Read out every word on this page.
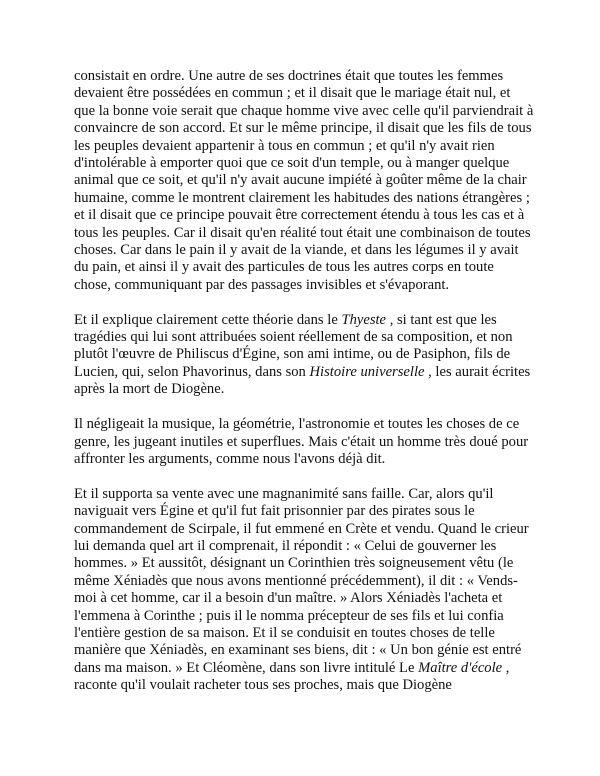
consistait en ordre. Une autre de ses doctrines était que toutes les femmes devaient être possédées en commun ; et il disait que le mariage était nul, et que la bonne voie serait que chaque homme vive avec celle qu'il parviendrait à convaincre de son accord. Et sur le même principe, il disait que les fils de tous les peuples devaient appartenir à tous en commun ; et qu'il n'y avait rien d'intolérable à emporter quoi que ce soit d'un temple, ou à manger quelque animal que ce soit, et qu'il n'y avait aucune impiété à goûter même de la chair humaine, comme le montrent clairement les habitudes des nations étrangères ; et il disait que ce principe pouvait être correctement étendu à tous les cas et à tous les peuples. Car il disait qu'en réalité tout était une combinaison de toutes choses. Car dans le pain il y avait de la viande, et dans les légumes il y avait du pain, et ainsi il y avait des particules de tous les autres corps en toute chose, communiquant par des passages invisibles et s'évaporant.

Et il explique clairement cette théorie dans le Thyeste , si tant est que les tragédies qui lui sont attribuées soient réellement de sa composition, et non plutôt l'œuvre de Philiscus d'Égine, son ami intime, ou de Pasiphon, fils de Lucien, qui, selon Phavorinus, dans son Histoire universelle , les aurait écrites après la mort de Diogène.

Il négligeait la musique, la géométrie, l'astronomie et toutes les choses de ce genre, les jugeant inutiles et superflues. Mais c'était un homme très doué pour affronter les arguments, comme nous l'avons déjà dit.

Et il supporta sa vente avec une magnanimité sans faille. Car, alors qu'il naviguait vers Égine et qu'il fut fait prisonnier par des pirates sous le commandement de Scirpale, il fut emmené en Crète et vendu. Quand le crieur lui demanda quel art il comprenait, il répondit : « Celui de gouverner les hommes. » Et aussitôt, désignant un Corinthien très soigneusement vêtu (le même Xéniadès que nous avons mentionné précédemment), il dit : « Vends-moi à cet homme, car il a besoin d'un maître. » Alors Xéniadès l'acheta et l'emmena à Corinthe ; puis il le nomma précepteur de ses fils et lui confia l'entière gestion de sa maison. Et il se conduisit en toutes choses de telle manière que Xéniadès, en examinant ses biens, dit : « Un bon génie est entré dans ma maison. » Et Cléomène, dans son livre intitulé Le Maître d'école , raconte qu'il voulait racheter tous ses proches, mais que Diogène
